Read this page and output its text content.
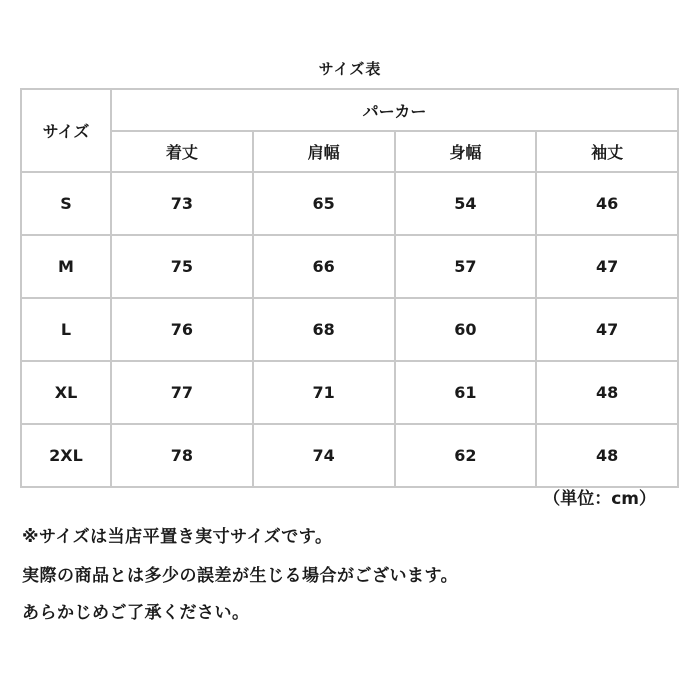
サイズ表
サイズ	パーカー			
	着丈	肩幅	身幅	袖丈
S	73	65	54	46
M	75	66	57	47
L	76	68	60	47
XL	77	71	61	48
2XL	78	74	62	48
（単位：cm）
※サイズは当店平置き実寸サイズです。
実際の商品とは多少の誤差が生じる場合がございます。
あらかじめご了承ください。
